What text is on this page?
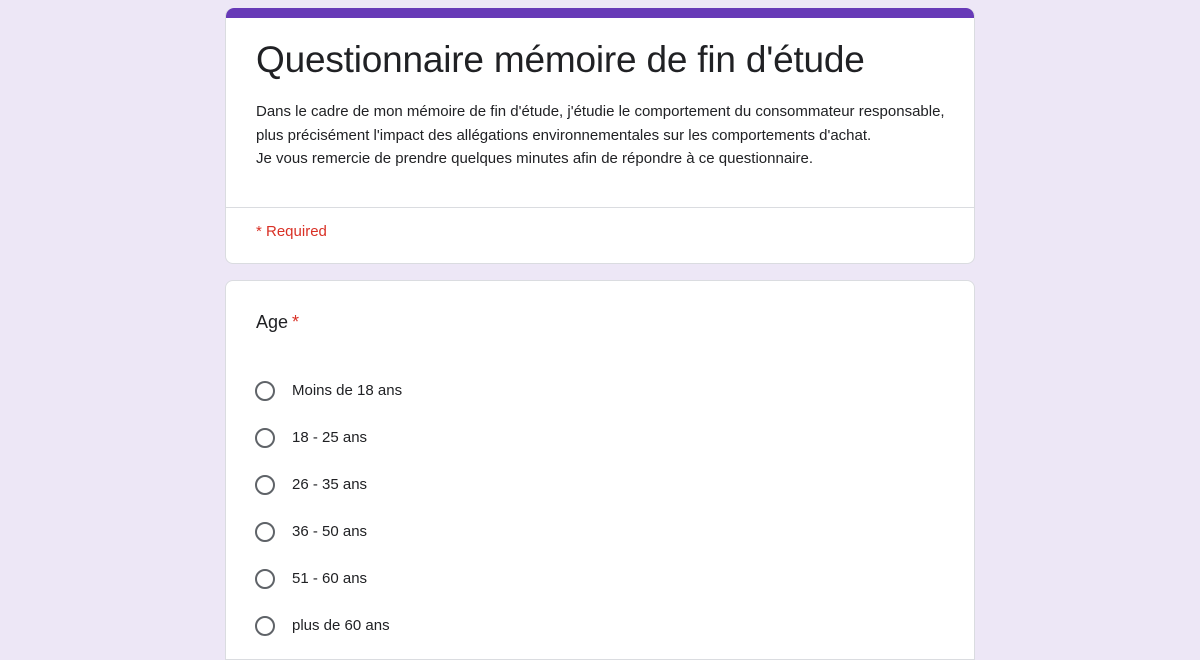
Questionnaire mémoire de fin d'étude

Dans le cadre de mon mémoire de fin d'étude, j'étudie le comportement du consommateur responsable, plus précisément l'impact des allégations environnementales sur les comportements d'achat.

Je vous remercie de prendre quelques minutes afin de répondre à ce questionnaire.

* Required
Age *
Moins de 18 ans
18 - 25 ans
26 - 35 ans
36 - 50 ans
51 - 60 ans
plus de 60 ans
